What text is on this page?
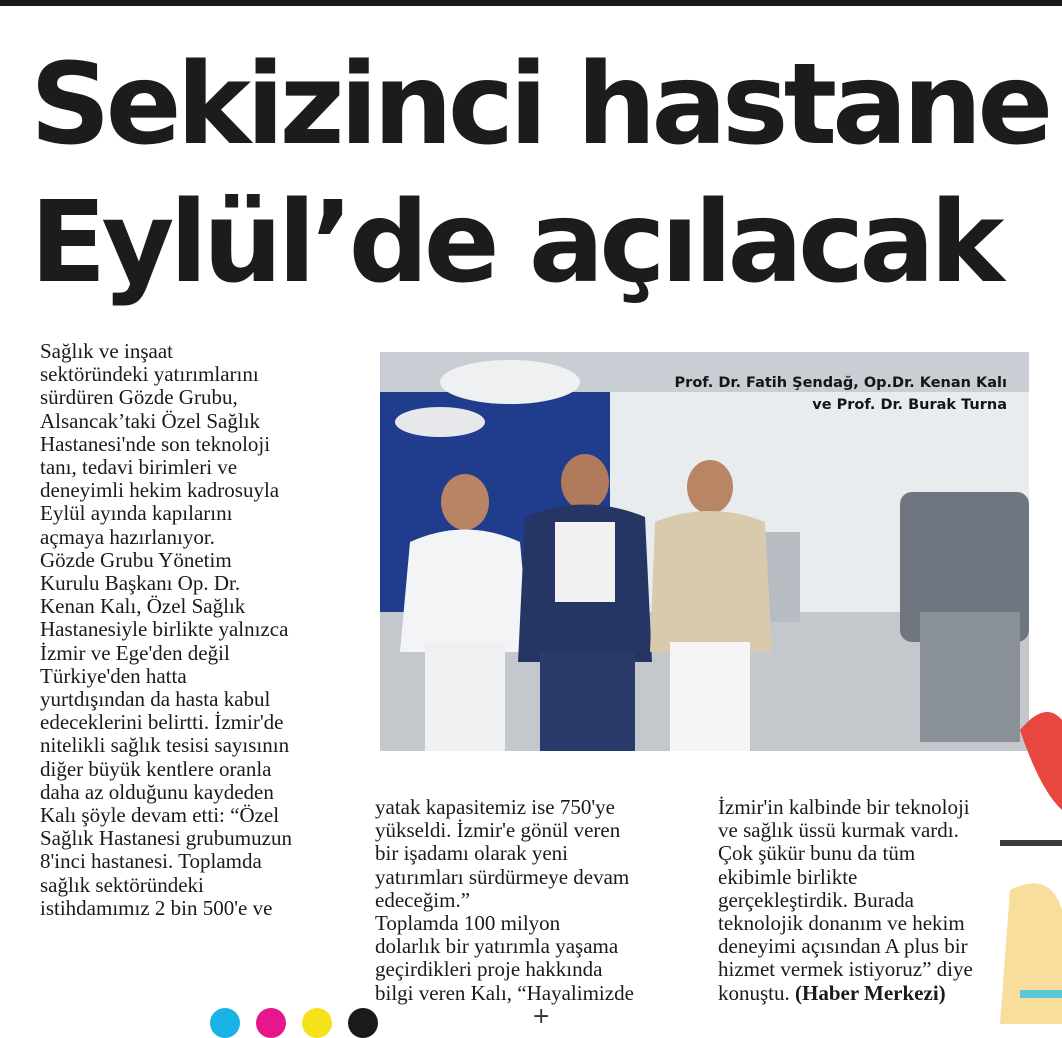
Sekizinci hastane
Eylül’de açılacak

Sağlık ve inşaat
sektöründeki yatırımlarını
sürdüren Gözde Grubu,
Alsancak’taki Özel Sağlık
Hastanesi'nde son teknoloji
tanı, tedavi birimleri ve
deneyimli hekim kadrosuyla
Eylül ayında kapılarını
açmaya hazırlanıyor.

Gözde Grubu Yönetim
Kurulu Başkanı Op. Dr.
Kenan Kalı, Özel Sağlık
Hastanesiyle birlikte yalnızca
İzmir ve Ege'den değil
Türkiye'den hatta
yurtdışından da hasta kabul
edeceklerini belirtti. İzmir'de
nitelikli sağlık tesisi sayısının
diğer büyük kentlere oranla
daha az olduğunu kaydeden
Kalı şöyle devam etti: “Özel
Sağlık Hastanesi grubumuzun
8'inci hastanesi. Toplamda
sağlık sektöründeki
istihdamımız 2 bin 500'e ve

Prof. Dr. Fatih Şendağ, Op.Dr. Kenan Kalı
ve Prof. Dr. Burak Turna

yatak kapasitemiz ise 750'ye
yükseldi. İzmir'e gönül veren
bir işadamı olarak yeni
yatırımları sürdürmeye devam
edeceğim.”

Toplamda 100 milyon
dolarlık bir yatırımla yaşama
geçirdikleri proje hakkında
bilgi veren Kalı, “Hayalimizde

İzmir'in kalbinde bir teknoloji
ve sağlık üssü kurmak vardı.
Çok şükür bunu da tüm
ekibimle birlikte
gerçekleştirdik. Burada
teknolojik donanım ve hekim
deneyimi açısından A plus bir
hizmet vermek istiyoruz” diye
konuştu. (Haber Merkezi)

+
